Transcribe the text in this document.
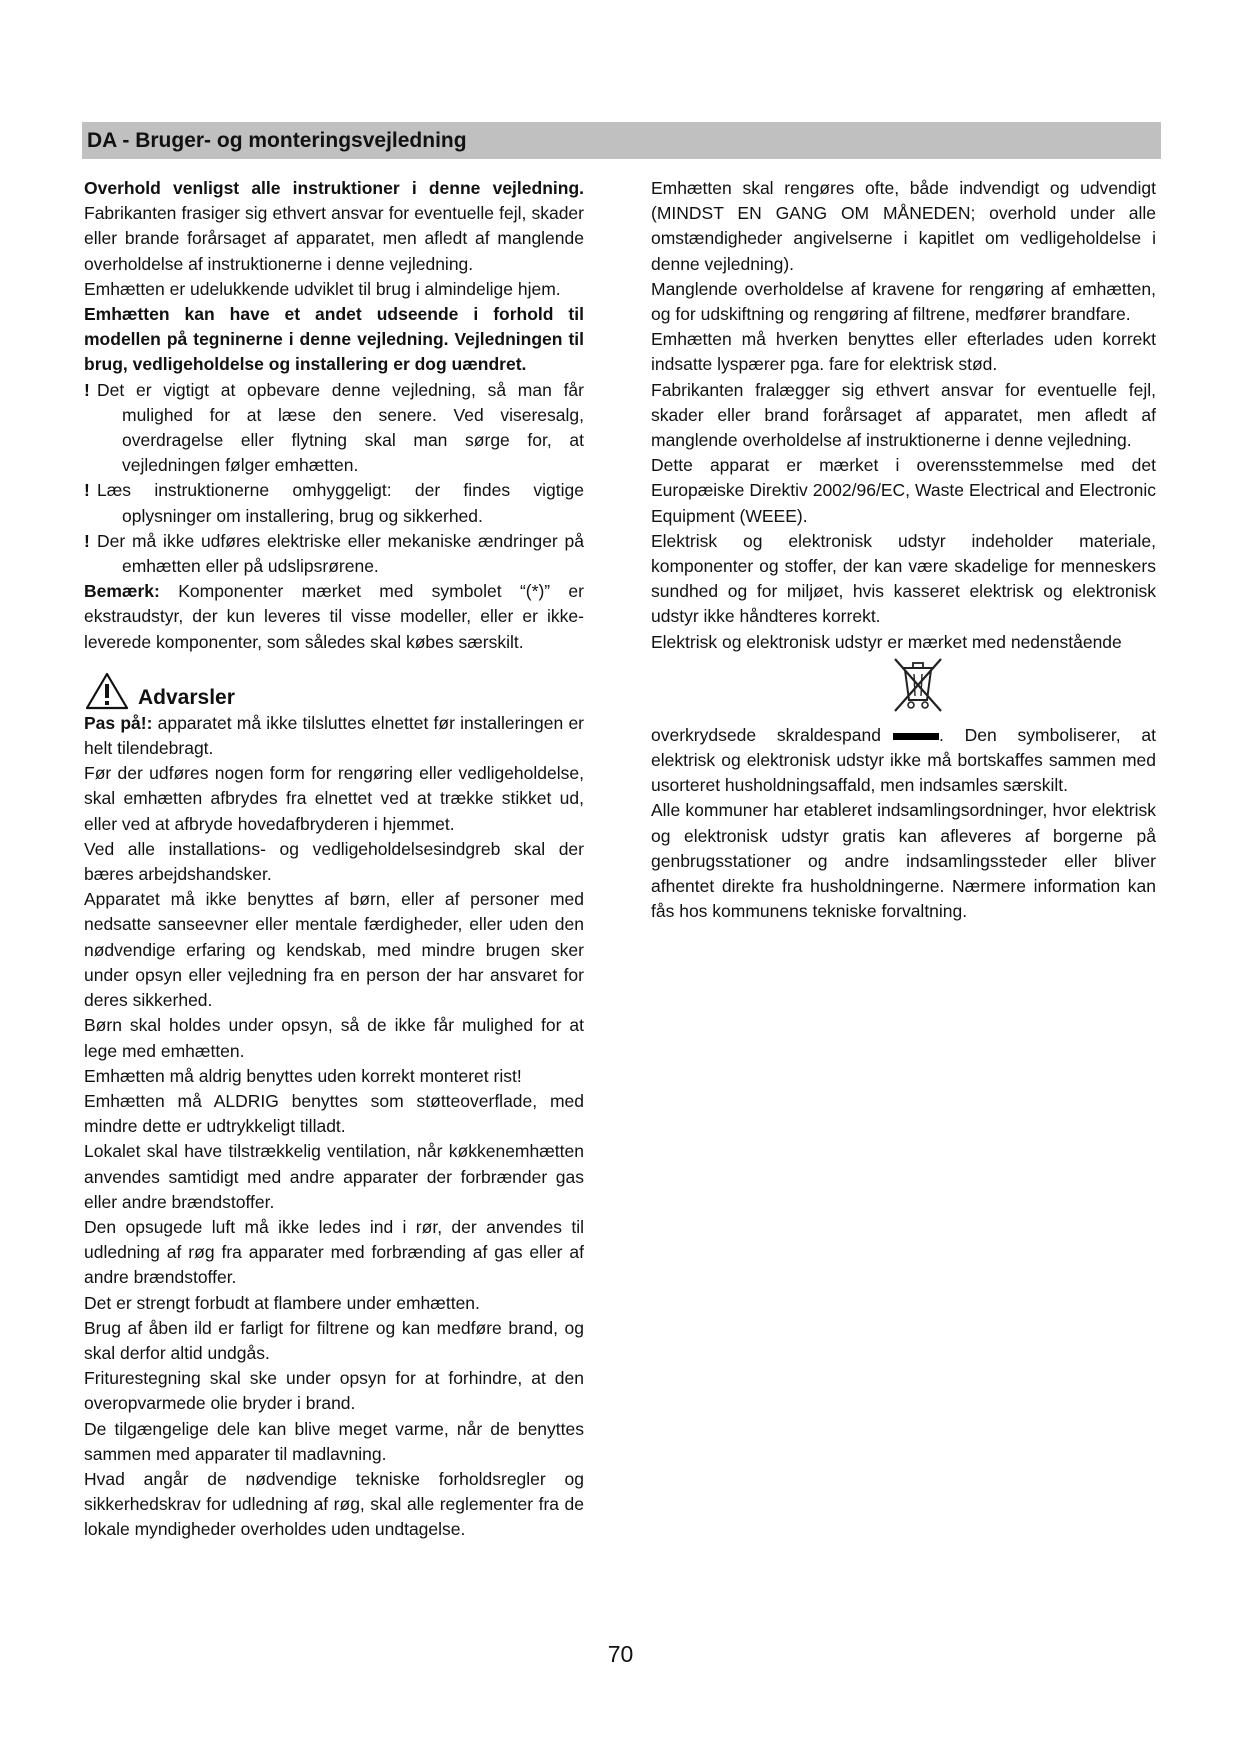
DA - Bruger- og monteringsvejledning

Overhold venligst alle instruktioner i denne vejledning. Fabrikanten frasiger sig ethvert ansvar for eventuelle fejl, skader eller brande forårsaget af apparatet, men afledt af manglende overholdelse af instruktionerne i denne vejledning.

Emhætten er udelukkende udviklet til brug i almindelige hjem.

Emhætten kan have et andet udseende i forhold til modellen på tegninerne i denne vejledning. Vejledningen til brug, vedligeholdelse og installering er dog uændret.

! Det er vigtigt at opbevare denne vejledning, så man får mulighed for at læse den senere. Ved viseresalg, overdragelse eller flytning skal man sørge for, at vejledningen følger emhætten.

! Læs instruktionerne omhyggeligt: der findes vigtige oplysninger om installering, brug og sikkerhed.

! Der må ikke udføres elektriske eller mekaniske ændringer på emhætten eller på udslipsrørene.

Bemærk: Komponenter mærket med symbolet “(*)” er ekstraudstyr, der kun leveres til visse modeller, eller er ikke-leverede komponenter, som således skal købes særskilt.

Advarsler

Pas på!: apparatet må ikke tilsluttes elnettet før installeringen er helt tilendebragt.

Før der udføres nogen form for rengøring eller vedligeholdelse, skal emhætten afbrydes fra elnettet ved at trække stikket ud, eller ved at afbryde hovedafbryderen i hjemmet.

Ved alle installations- og vedligeholdelsesindgreb skal der bæres arbejdshandsker.

Apparatet må ikke benyttes af børn, eller af personer med nedsatte sanseevner eller mentale færdigheder, eller uden den nødvendige erfaring og kendskab, med mindre brugen sker under opsyn eller vejledning fra en person der har ansvaret for deres sikkerhed.

Børn skal holdes under opsyn, så de ikke får mulighed for at lege med emhætten.

Emhætten må aldrig benyttes uden korrekt monteret rist!

Emhætten må ALDRIG benyttes som støtteoverflade, med mindre dette er udtrykkeligt tilladt.

Lokalet skal have tilstrækkelig ventilation, når køkkenemhætten anvendes samtidigt med andre apparater der forbrænder gas eller andre brændstoffer.

Den opsugede luft må ikke ledes ind i rør, der anvendes til udledning af røg fra apparater med forbrænding af gas eller af andre brændstoffer.

Det er strengt forbudt at flambere under emhætten.

Brug af åben ild er farligt for filtrene og kan medføre brand, og skal derfor altid undgås.

Friturestegning skal ske under opsyn for at forhindre, at den overopvarmede olie bryder i brand.

De tilgængelige dele kan blive meget varme, når de benyttes sammen med apparater til madlavning.

Hvad angår de nødvendige tekniske forholdsregler og sikkerhedskrav for udledning af røg, skal alle reglementer fra de lokale myndigheder overholdes uden undtagelse.

Emhætten skal rengøres ofte, både indvendigt og udvendigt (MINDST EN GANG OM MÅNEDEN; overhold under alle omstændigheder angivelserne i kapitlet om vedligeholdelse i denne vejledning).

Manglende overholdelse af kravene for rengøring af emhætten, og for udskiftning og rengøring af filtrene, medfører brandfare.

Emhætten må hverken benyttes eller efterlades uden korrekt indsatte lyspærer pga. fare for elektrisk stød.

Fabrikanten fralægger sig ethvert ansvar for eventuelle fejl, skader eller brand forårsaget af apparatet, men afledt af manglende overholdelse af instruktionerne i denne vejledning.

Dette apparat er mærket i overensstemmelse med det Europæiske Direktiv 2002/96/EC, Waste Electrical and Electronic Equipment (WEEE).

Elektrisk og elektronisk udstyr indeholder materiale, komponenter og stoffer, der kan være skadelige for menneskers sundhed og for miljøet, hvis kasseret elektrisk og elektronisk udstyr ikke håndteres korrekt.

Elektrisk og elektronisk udstyr er mærket med nedenstående

overkrydsede skraldespand	. Den symboliserer, at elektrisk og elektronisk udstyr ikke må bortskaffes sammen med usorteret husholdningsaffald, men indsamles særskilt.

Alle kommuner har etableret indsamlingsordninger, hvor elektrisk og elektronisk udstyr gratis kan afleveres af borgerne på genbrugsstationer og andre indsamlingssteder eller bliver afhentet direkte fra husholdningerne. Nærmere information kan fås hos kommunens tekniske forvaltning.

70
